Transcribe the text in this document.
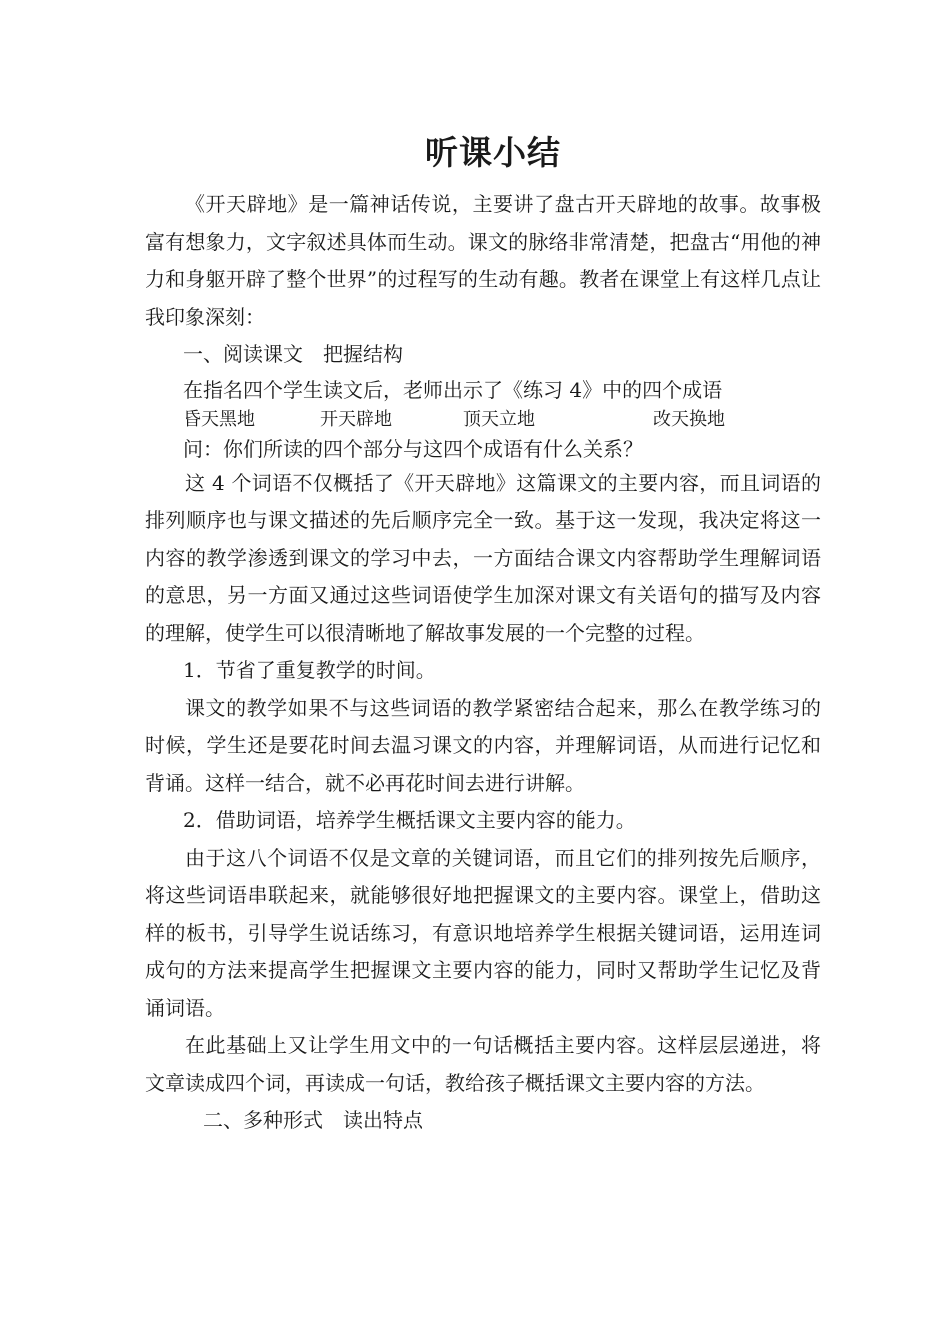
听课小结

《开天辟地》是一篇神话传说，主要讲了盘古开天辟地的故事。故事极富有想象力，文字叙述具体而生动。课文的脉络非常清楚，把盘古“用他的神力和身躯开辟了整个世界”的过程写的生动有趣。教者在课堂上有这样几点让我印象深刻：

一、阅读课文　把握结构

在指名四个学生读文后，老师出示了《练习 4》中的四个成语

昏天黑地	开天辟地	顶天立地	改天换地

问：你们所读的四个部分与这四个成语有什么关系？

这 4 个词语不仅概括了《开天辟地》这篇课文的主要内容，而且词语的排列顺序也与课文描述的先后顺序完全一致。基于这一发现，我决定将这一内容的教学渗透到课文的学习中去，一方面结合课文内容帮助学生理解词语的意思，另一方面又通过这些词语使学生加深对课文有关语句的描写及内容的理解，使学生可以很清晰地了解故事发展的一个完整的过程。

1．节省了重复教学的时间。

课文的教学如果不与这些词语的教学紧密结合起来，那么在教学练习的时候，学生还是要花时间去温习课文的内容，并理解词语，从而进行记忆和背诵。这样一结合，就不必再花时间去进行讲解。

2．借助词语，培养学生概括课文主要内容的能力。

由于这八个词语不仅是文章的关键词语，而且它们的排列按先后顺序，将这些词语串联起来，就能够很好地把握课文的主要内容。课堂上，借助这样的板书，引导学生说话练习，有意识地培养学生根据关键词语，运用连词成句的方法来提高学生把握课文主要内容的能力，同时又帮助学生记忆及背诵词语。

在此基础上又让学生用文中的一句话概括主要内容。这样层层递进，将文章读成四个词，再读成一句话，教给孩子概括课文主要内容的方法。

二、多种形式　读出特点
